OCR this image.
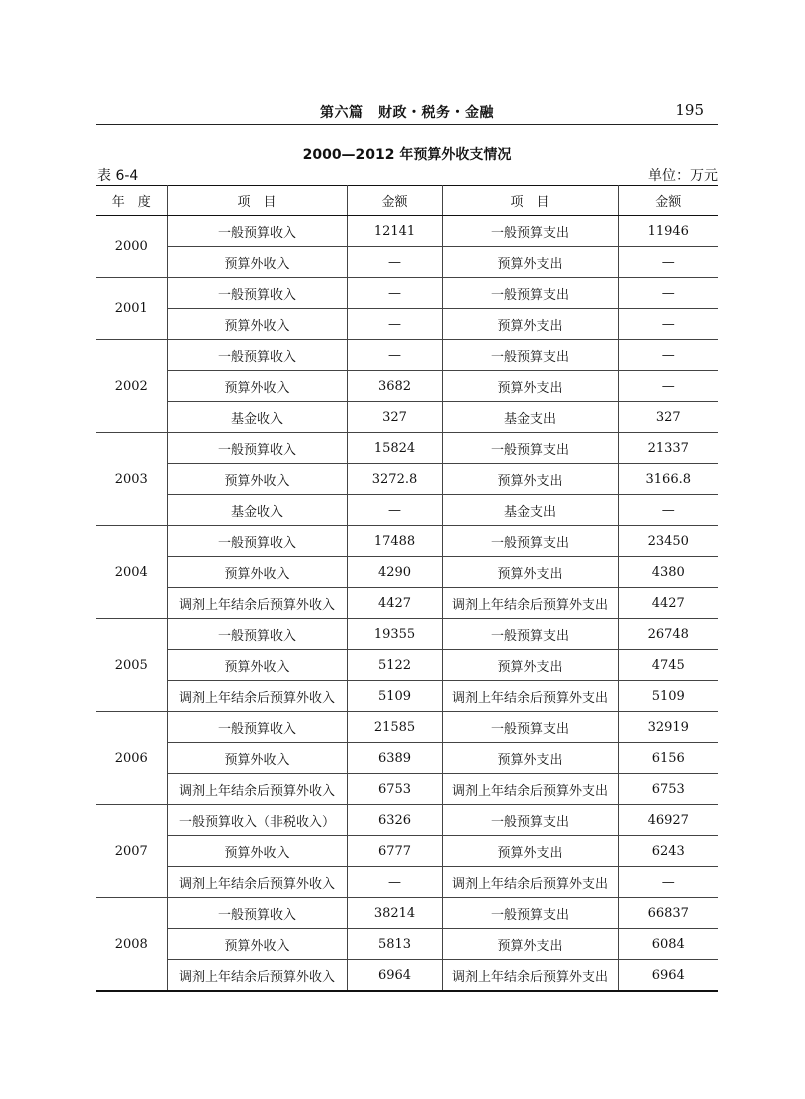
第六篇　财政・税务・金融	195
2000—2012 年预算外收支情况
表 6-4	单位：万元
年　度	项　目	金额	项　目	金额
2000	一般预算收入	12141	一般预算支出	11946
	预算外收入	—	预算外支出	—
2001	一般预算收入	—	一般预算支出	—
	预算外收入	—	预算外支出	—
2002	一般预算收入	—	一般预算支出	—
	预算外收入	3682	预算外支出	—
	基金收入	327	基金支出	327
2003	一般预算收入	15824	一般预算支出	21337
	预算外收入	3272.8	预算外支出	3166.8
	基金收入	—	基金支出	—
2004	一般预算收入	17488	一般预算支出	23450
	预算外收入	4290	预算外支出	4380
	调剂上年结余后预算外收入	4427	调剂上年结余后预算外支出	4427
2005	一般预算收入	19355	一般预算支出	26748
	预算外收入	5122	预算外支出	4745
	调剂上年结余后预算外收入	5109	调剂上年结余后预算外支出	5109
2006	一般预算收入	21585	一般预算支出	32919
	预算外收入	6389	预算外支出	6156
	调剂上年结余后预算外收入	6753	调剂上年结余后预算外支出	6753
2007	一般预算收入（非税收入）	6326	一般预算支出	46927
	预算外收入	6777	预算外支出	6243
	调剂上年结余后预算外收入	—	调剂上年结余后预算外支出	—
2008	一般预算收入	38214	一般预算支出	66837
	预算外收入	5813	预算外支出	6084
	调剂上年结余后预算外收入	6964	调剂上年结余后预算外支出	6964
